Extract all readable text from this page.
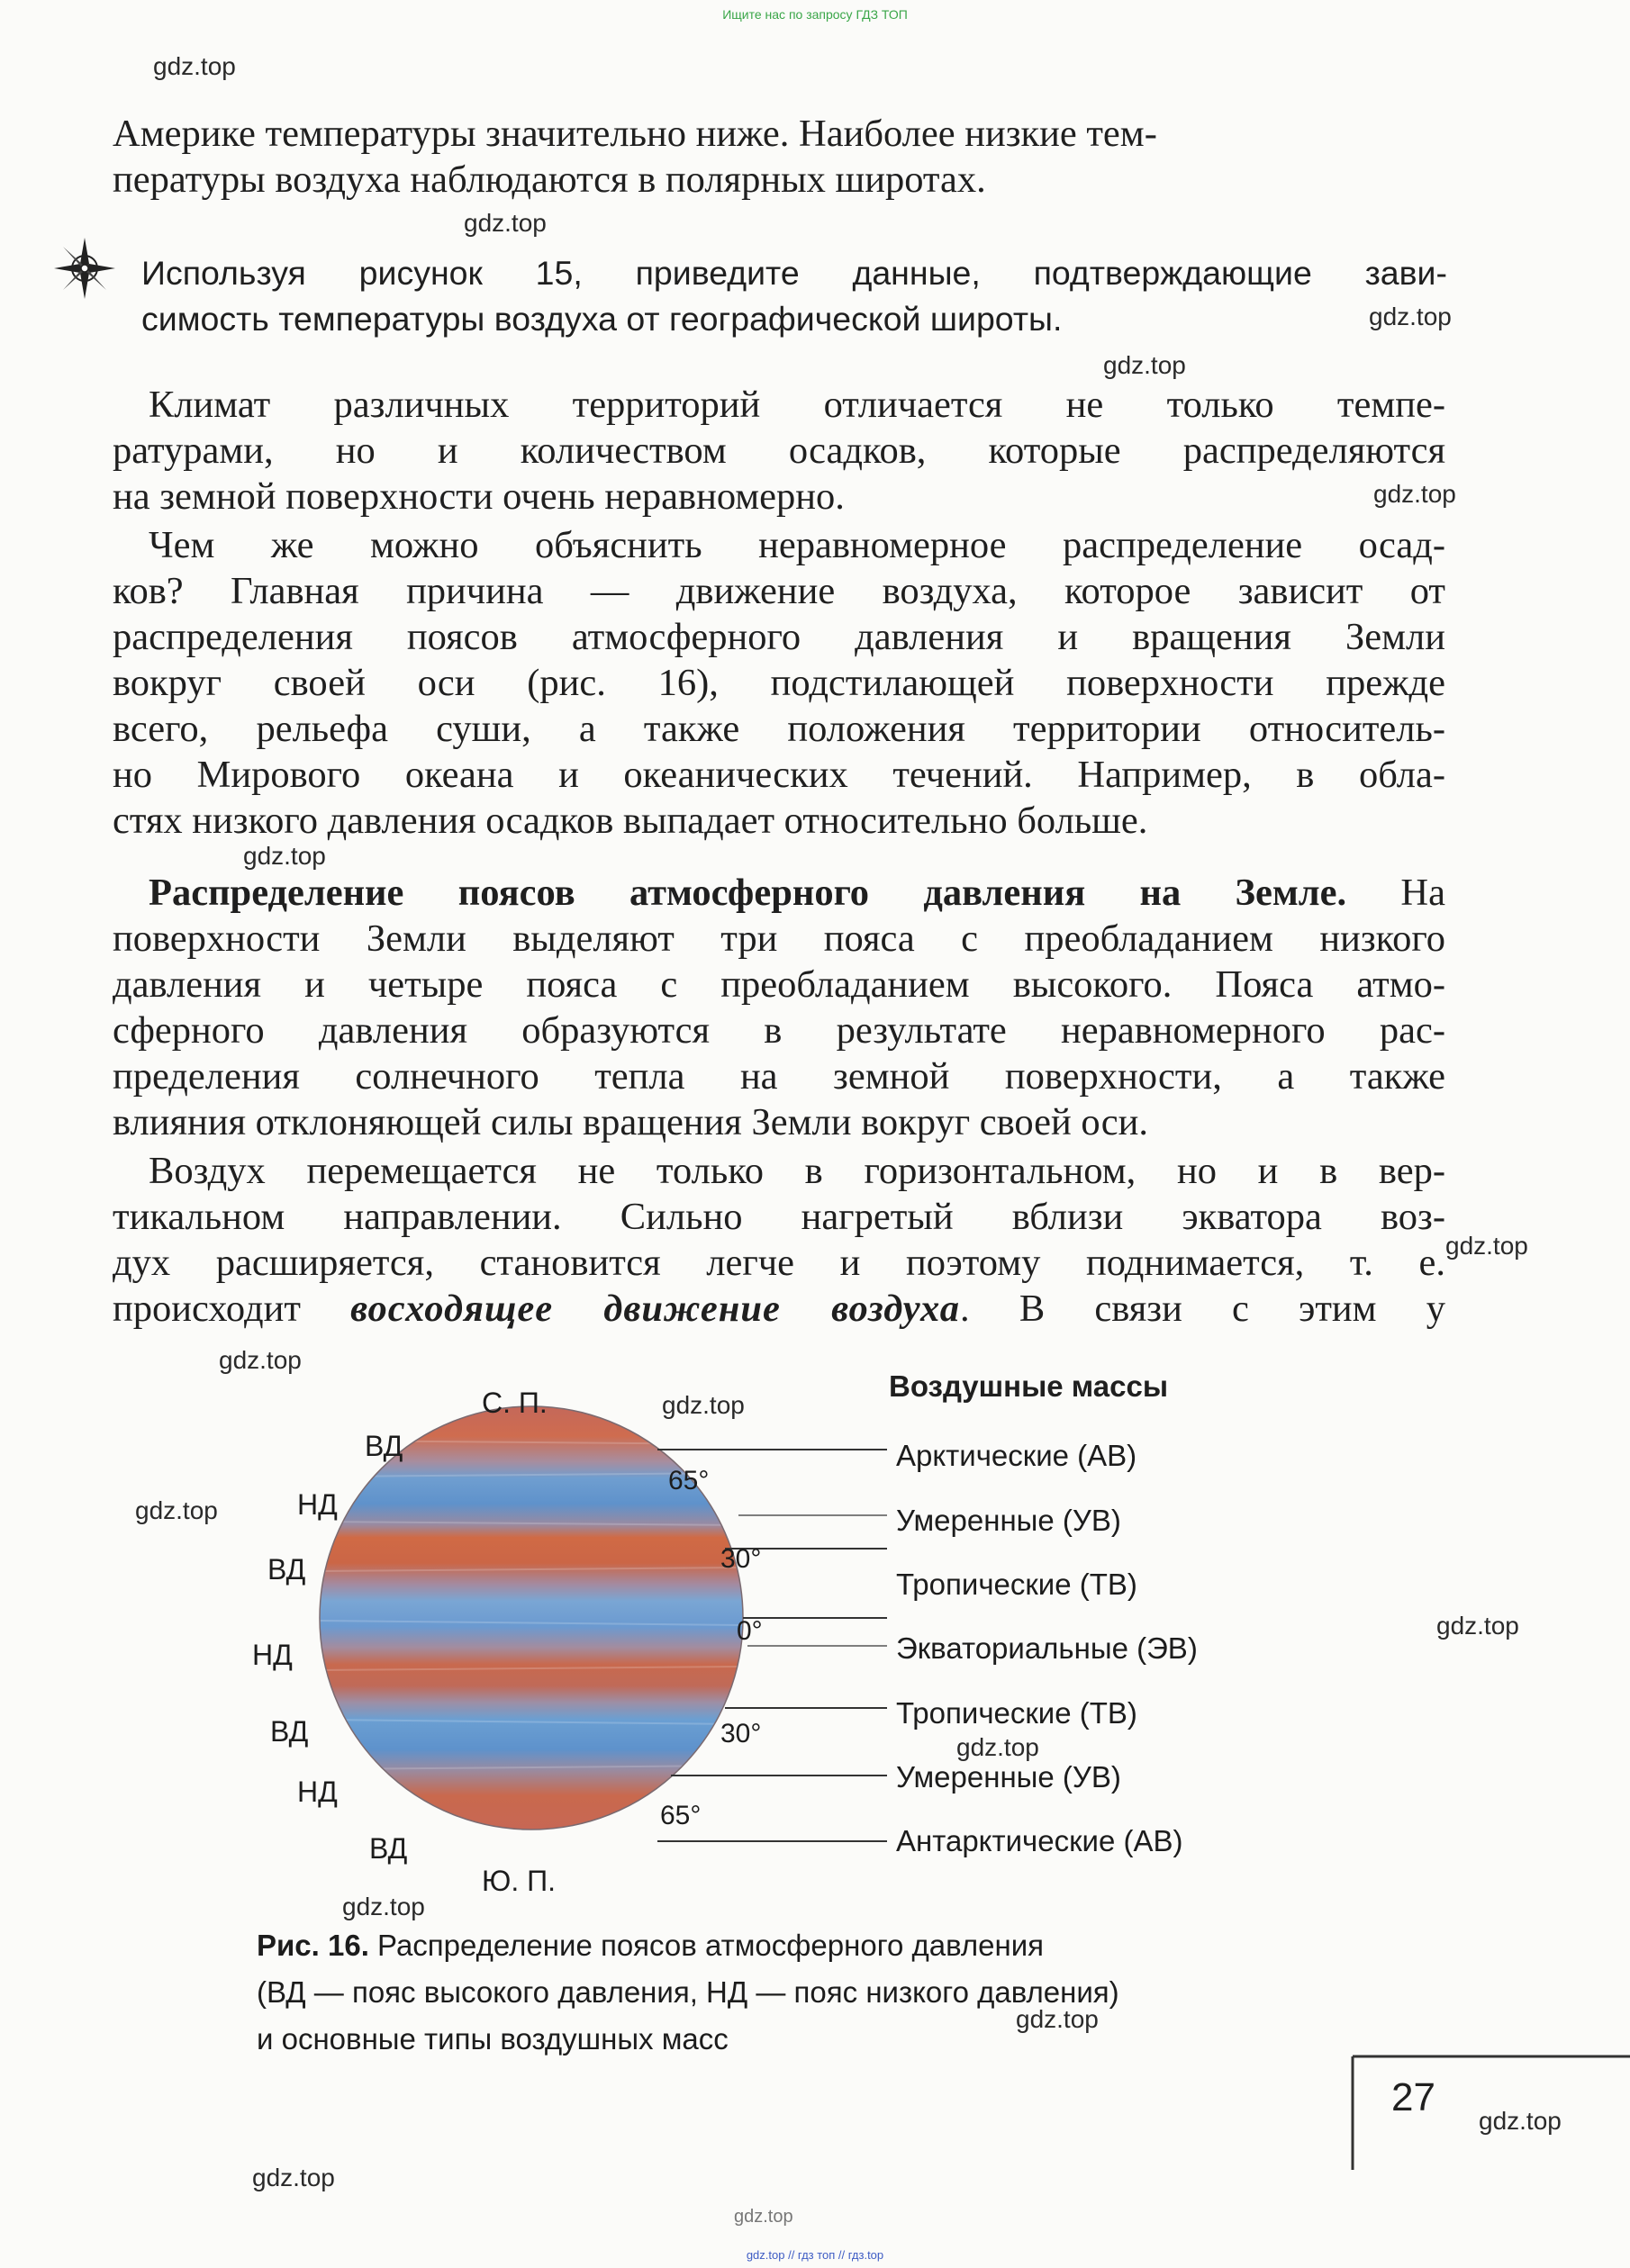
Ищите нас по запросу ГДЗ ТОП
gdz.top // гдз топ // гдз.top
gdz.top
gdz.top
gdz.top
gdz.top
gdz.top
gdz.top
gdz.top
gdz.top
gdz.top
gdz.top
gdz.top
gdz.top
gdz.top
gdz.top
gdz.top
gdz.top
gdz.top
Америке температуры значительно ниже. Наиболее низкие тем-
пературы воздуха наблюдаются в полярных широтах.
Используя рисунок 15, приведите данные, подтверждающие зави-
симость температуры воздуха от географической широты.
Климат различных территорий отличается не только темпе-
ратурами, но и количеством осадков, которые распределяются
на земной поверхности очень неравномерно.
Чем же можно объяснить неравномерное распределение осад-
ков? Главная причина — движение воздуха, которое зависит от
распределения поясов атмосферного давления и вращения Земли
вокруг своей оси (рис. 16), подстилающей поверхности прежде
всего, рельефа суши, а также положения территории относитель-
но Мирового океана и океанических течений. Например, в обла-
стях низкого давления осадков выпадает относительно больше.
Распределение поясов атмосферного давления на Земле. На
поверхности Земли выделяют три пояса с преобладанием низкого
давления и четыре пояса с преобладанием высокого. Пояса атмо-
сферного давления образуются в результате неравномерного рас-
пределения солнечного тепла на земной поверхности, а также
влияния отклоняющей силы вращения Земли вокруг своей оси.
Воздух перемещается не только в горизонтальном, но и в вер-
тикальном направлении. Сильно нагретый вблизи экватора воз-
дух расширяется, становится легче и поэтому поднимается, т. е.
происходит восходящее движение воздуха. В связи с этим у
С. П.
Ю. П.
ВД
НД
ВД
НД
ВД
НД
ВД
65°
30°
0°
30°
65°
Воздушные массы
Арктические (АВ)
Умеренные (УВ)
Тропические (ТВ)
Экваториальные (ЭВ)
Тропические (ТВ)
Умеренные (УВ)
Антарктические (АВ)
Рис. 16. Распределение поясов атмосферного давления
(ВД — пояс высокого давления, НД — пояс низкого давления)
и основные типы воздушных масс
27
